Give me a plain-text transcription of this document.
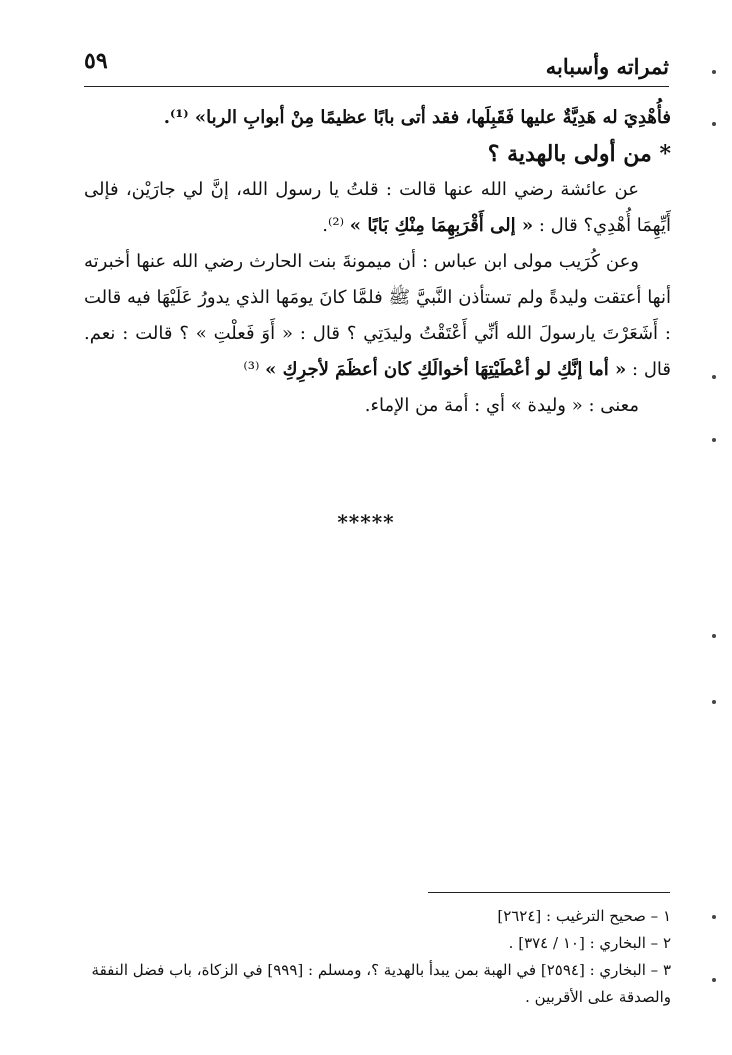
ثمراته وأسبابه
٥٩

فأُهْدِيَ له هَدِيَّةٌ عليها فَقَبِلَها، فقد أتى بابًا عظيمًا مِنْ أبوابِ الربا» ⁽¹⁾.

* من أولى بالهدية ؟

عن عائشة رضي الله عنها قالت : قلتُ يا رسول الله، إنَّ لي جارَيْن، فإلى أَيِّهِمَا أُهْدِي؟ قال : « إلى أَقْرَبِهِمَا مِنْكِ بَابًا » ⁽²⁾.

وعن كُرَيب مولى ابن عباس : أن ميمونةَ بنت الحارث رضي الله عنها أخبرته أنها أعتقت وليدةً ولم تستأذن النَّبيَّ ﷺ فلمَّا كانَ يومَها الذي يدورُ عَلَيْهَا فيه قالت : أَشَعَرْتَ يارسولَ الله أنِّي أَعْتَقْتُ وليدَتِي ؟ قال : « أَوَ فَعلْتِ » ؟ قالت : نعم. قال : « أما إنَّكِ لو أعْطَيْتِهَا أخوالَكِ كان أعظَمَ لأجرِكِ » ⁽³⁾

معنى : « وليدة » أي : أمة من الإماء.

*****

١ – صحيح الترغيب : [٢٦٢٤]

٢ – البخاري : [١٠ / ٣٧٤] .

٣ – البخاري : [٢٥٩٤] في الهبة بمن يبدأ بالهدية ؟، ومسلم : [٩٩٩] في الزكاة، باب فضل النفقة والصدقة على الأقربين .
